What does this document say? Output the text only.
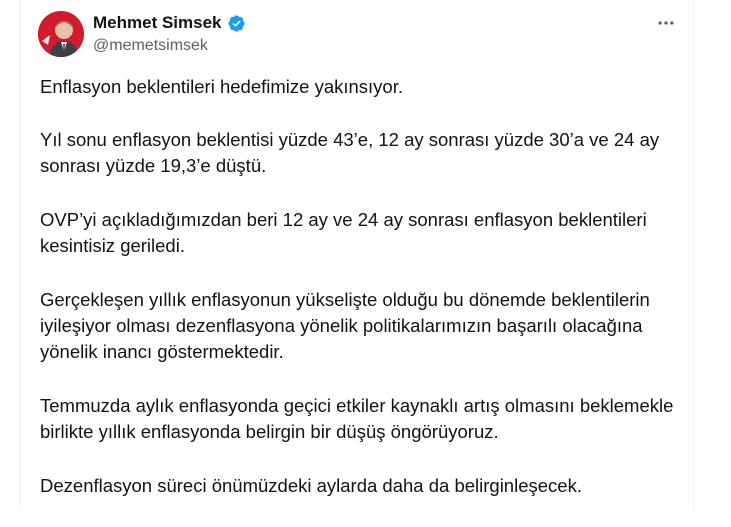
Mehmet Simsek
@memetsimsek

Enflasyon beklentileri hedefimize yakınsıyor.

Yıl sonu enflasyon beklentisi yüzde 43’e, 12 ay sonrası yüzde 30’a ve 24 ay sonrası yüzde 19,3’e düştü.

OVP’yi açıkladığımızdan beri 12 ay ve 24 ay sonrası enflasyon beklentileri kesintisiz geriledi.

Gerçekleşen yıllık enflasyonun yükselişte olduğu bu dönemde beklentilerin iyileşiyor olması dezenflasyona yönelik politikalarımızın başarılı olacağına yönelik inancı göstermektedir.

Temmuzda aylık enflasyonda geçici etkiler kaynaklı artış olmasını beklemekle birlikte yıllık enflasyonda belirgin bir düşüş öngörüyoruz.

Dezenflasyon süreci önümüzdeki aylarda daha da belirginleşecek.
